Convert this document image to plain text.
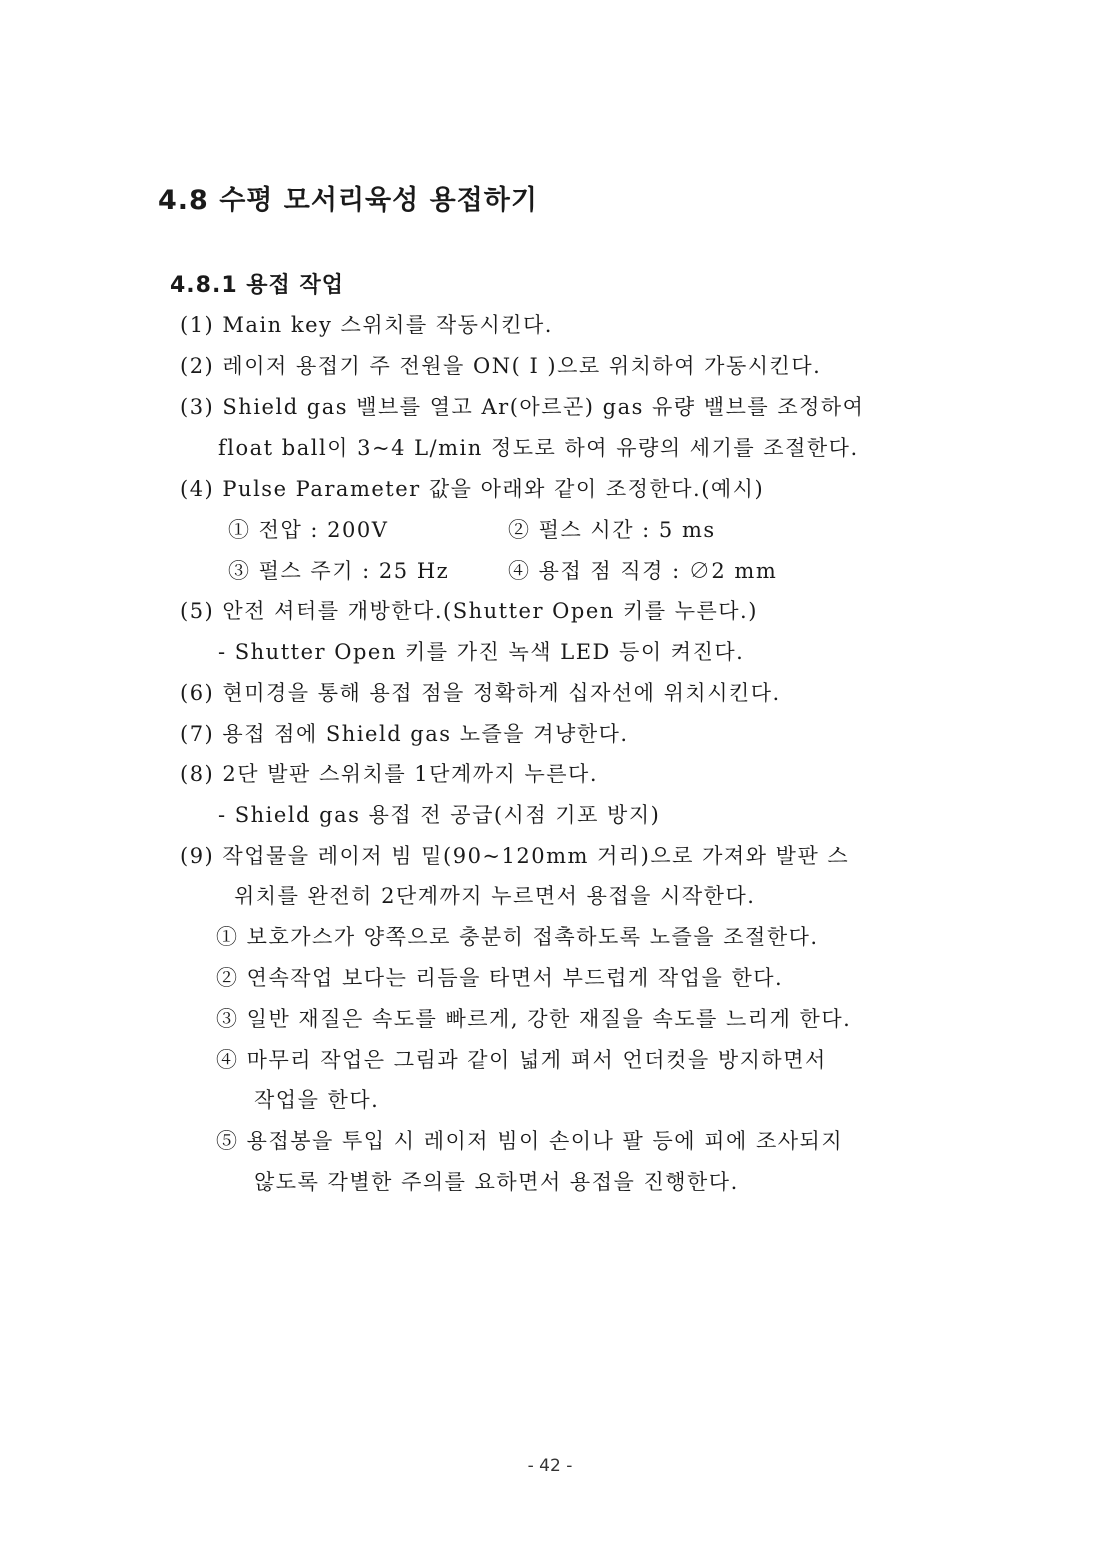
4.8 수평 모서리육성 용접하기
4.8.1 용접 작업
(1) Main key 스위치를 작동시킨다.
(2) 레이저 용접기 주 전원을 ON( I )으로 위치하여 가동시킨다.
(3) Shield gas 밸브를 열고 Ar(아르곤) gas 유량 밸브를 조정하여
float ball이 3~4 L/min 정도로 하여 유량의 세기를 조절한다.
(4) Pulse Parameter 값을 아래와 같이 조정한다.(예시)
① 전압 : 200V	② 펄스 시간 : 5 ms
③ 펄스 주기 : 25 Hz	④ 용접 점 직경 : ∅2 mm
(5) 안전 셔터를 개방한다.(Shutter Open 키를 누른다.)
- Shutter Open 키를 가진 녹색 LED 등이 켜진다.
(6) 현미경을 통해 용접 점을 정확하게 십자선에 위치시킨다.
(7) 용접 점에 Shield gas 노즐을 겨냥한다.
(8) 2단 발판 스위치를 1단계까지 누른다.
- Shield gas 용접 전 공급(시점 기포 방지)
(9) 작업물을 레이저 빔 밑(90~120mm 거리)으로 가져와 발판 스
위치를 완전히 2단계까지 누르면서 용접을 시작한다.
① 보호가스가 양쪽으로 충분히 접촉하도록 노즐을 조절한다.
② 연속작업 보다는 리듬을 타면서 부드럽게 작업을 한다.
③ 일반 재질은 속도를 빠르게, 강한 재질을 속도를 느리게 한다.
④ 마무리 작업은 그림과 같이 넓게 펴서 언더컷을 방지하면서
작업을 한다.
⑤ 용접봉을 투입 시 레이저 빔이 손이나 팔 등에 피에 조사되지
않도록 각별한 주의를 요하면서 용접을 진행한다.
- 42 -
